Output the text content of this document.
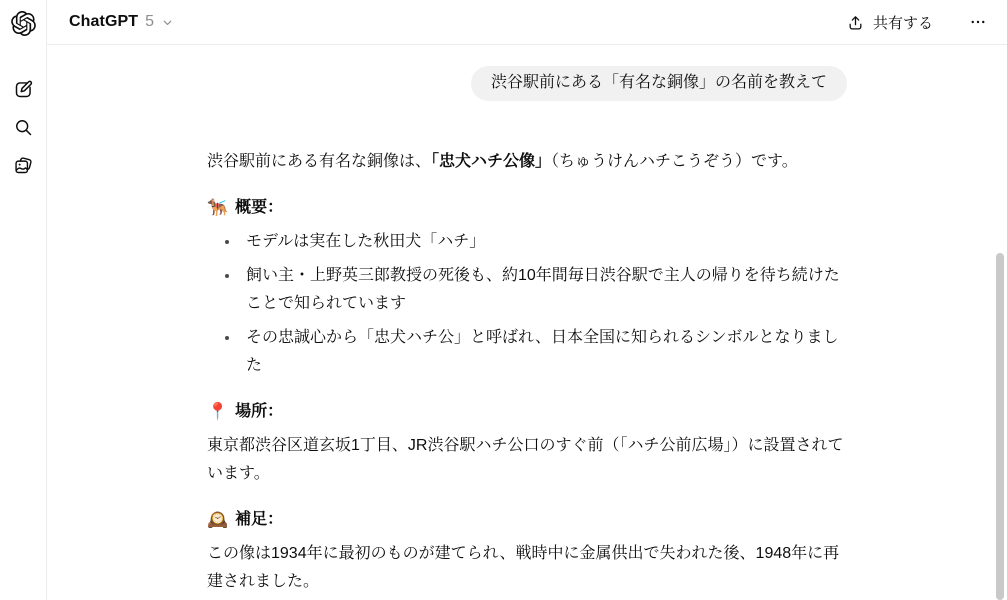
ChatGPT 5	共有する
渋谷駅前にある「有名な銅像」の名前を教えて

渋谷駅前にある有名な銅像は、「忠犬ハチ公像」（ちゅうけんハチこうぞう）です。

🐕‍🦺 概要：

• モデルは実在した秋田犬「ハチ」
• 飼い主・上野英三郎教授の死後も、約10年間毎日渋谷駅で主人の帰りを待ち続けたことで知られています
• その忠誠心から「忠犬ハチ公」と呼ばれ、日本全国に知られるシンボルとなりました

📍 場所：

東京都渋谷区道玄坂1丁目、JR渋谷駅ハチ公口のすぐ前（「ハチ公前広場」）に設置されています。

🕰️ 補足：

この像は1934年に最初のものが建てられ、戦時中に金属供出で失われた後、1948年に再建されました。
